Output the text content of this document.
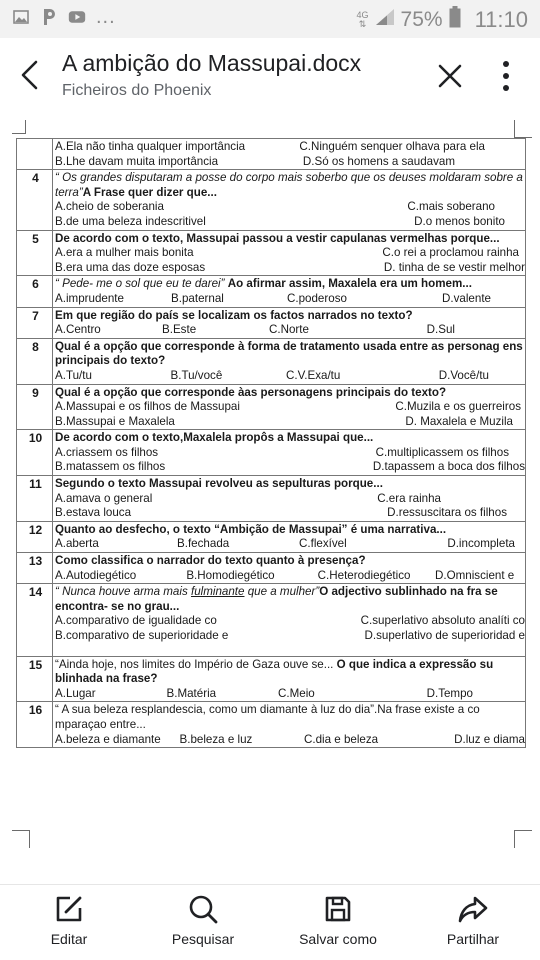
...	4G
⇅ 75% 11:10
A ambição do Massupai.docx
Ficheiros do Phoenix

	A.Ela não tinha qualquer importância C.Ninguém senquer olhava para ela
B.Lhe davam muita importância D.Só os homens a saudavam

4	“ Os grandes disputaram a posse do corpo mais soberbo que os deuses moldaram sobre a terra”A Frase quer dizer que...
A.cheio de soberania C.mais soberano
B.de uma beleza indescritivel D.o menos bonito

5	De acordo com o texto, Massupai passou a vestir capulanas vermelhas porque...
A.era a mulher mais bonita C.o rei a proclamou rainha
B.era uma das doze esposas D. tinha de se vestir melhor

6	“ Pede- me o sol que eu te darei” Ao afirmar assim, Maxalela era um homem...
A.imprudente B.paternal C.poderoso D.valente

7	Em que região do país se localizam os factos narrados no texto?
A.Centro B.Este C.Norte D.Sul

8	Qual é a opção que corresponde à forma de tratamento usada entre as personag ens principais do texto?
A.Tu/tu B.Tu/você C.V.Exa/tu D.Você/tu

9	Qual é a opção que corresponde àas personagens principais do texto?
A.Massupai e os filhos de Massupai C.Muzila e os guerreiros
B.Massupai e Maxalela D. Maxalela e Muzila

10	De acordo com o texto,Maxalela propôs a Massupai que...
A.criassem os filhos C.multiplicassem os filhos
B.matassem os filhos D.tapassem a boca dos filhos

11	Segundo o texto Massupai revolveu as sepulturas porque...
A.amava o general C.era rainha
B.estava louca D.ressuscitara os filhos

12	Quanto ao desfecho, o texto “Ambição de Massupai” é uma narrativa...
A.aberta B.fechada C.flexível D.incompleta

13	Como classifica o narrador do texto quanto à presença?
A.Autodiegético B.Homodiegético C.Heterodiegético D.Omniscient e

14	“ Nunca houve arma mais fulminante que a mulher”O adjectivo sublinhado na fra se encontra- se no grau...
A.comparativo de igualidade co C.superlativo absoluto analíti co
B.comparativo de superioridade e D.superlativo de superioridad e

15	“Ainda hoje, nos limites do Império de Gaza ouve se... O que indica a expressão su blinhada na frase?
A.Lugar B.Matéria C.Meio D.Tempo

16	“ A sua beleza resplandescia, como um diamante à luz do dia”.Na frase existe a co mparaçao entre...
A.beleza e diamante B.beleza e luz C.dia e beleza D.luz e diama
Editar	Pesquisar	Salvar como	Partilhar
